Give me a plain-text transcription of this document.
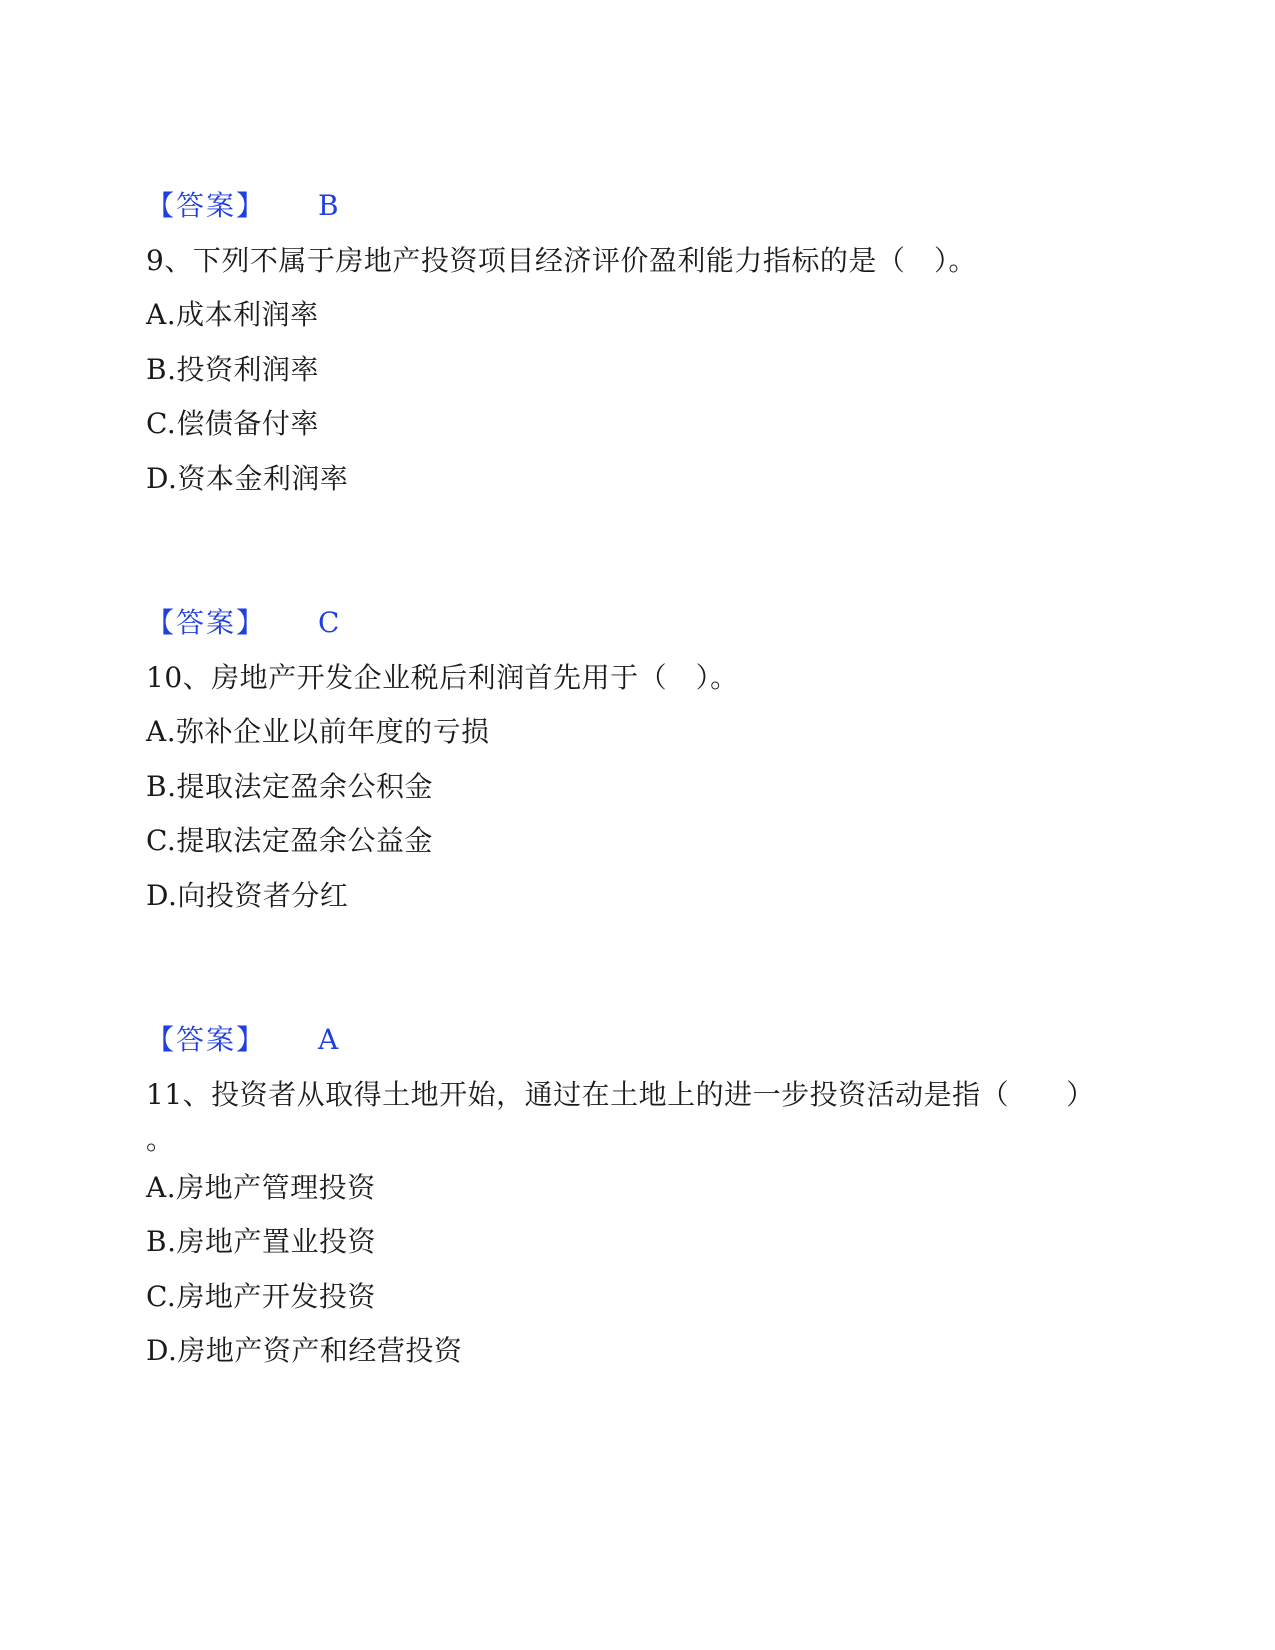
【答案】 B
9、下列不属于房地产投资项目经济评价盈利能力指标的是（　）。
A.成本利润率
B.投资利润率
C.偿债备付率
D.资本金利润率
【答案】 C
10、房地产开发企业税后利润首先用于（　）。
A.弥补企业以前年度的亏损
B.提取法定盈余公积金
C.提取法定盈余公益金
D.向投资者分红
【答案】 A
11、投资者从取得土地开始，通过在土地上的进一步投资活动是指（　　）
。
A.房地产管理投资
B.房地产置业投资
C.房地产开发投资
D.房地产资产和经营投资
